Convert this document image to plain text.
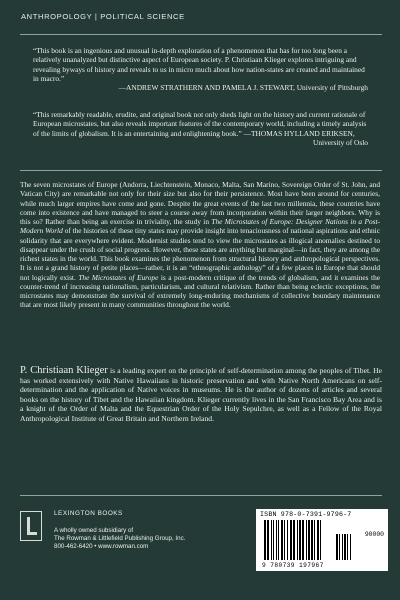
ANTHROPOLOGY | POLITICAL SCIENCE
“This book is an ingenious and unusual in-depth exploration of a phenomenon that has for too long been a relatively unanalyzed but distinctive aspect of European society. P. Christiaan Klieger explores intriguing and revealing byways of history and reveals to us in micro much about how nation-states are created and maintained in macro.”
—ANDREW STRATHERN AND PAMELA J. STEWART, University of Pittsburgh
“This remarkably readable, erudite, and original book not only sheds light on the history and current rationale of European microstates, but also reveals important features of the contemporary world, including a timely analysis of the limits of globalism. It is an entertaining and enlightening book.” —THOMAS HYLLAND ERIKSEN,
University of Oslo
The seven microstates of Europe (Andorra, Liechtenstein, Monaco, Malta, San Marino, Sovereign Order of St. John, and Vatican City) are remarkable not only for their size but also for their persistence. Most have been around for centuries, while much larger empires have come and gone. Despite the great events of the last two millennia, these countries have come into existence and have managed to steer a course away from incorporation within their larger neighbors. Why is this so? Rather than being an exercise in triviality, the study in The Microstates of Europe: Designer Nations in a Post-Modern World of the histories of these tiny states may provide insight into tenaciousness of national aspirations and ethnic solidarity that are everywhere evident. Modernist studies tend to view the microstates as illogical anomalies destined to disappear under the crush of social progress. However, these states are anything but marginal—in fact, they are among the richest states in the world. This book examines the phenomenon from structural history and anthropological perspectives. It is not a grand history of petite places—rather, it is an “ethnographic anthology” of a few places in Europe that should not logically exist. The Microstates of Europe is a post-modern critique of the trends of globalism, and it examines the counter-trend of increasing nationalism, particularism, and cultural relativism. Rather than being eclectic exceptions, the microstates may demonstrate the survival of extremely long-enduring mechanisms of collective boundary maintenance that are most likely present in many communities throughout the world.
P. Christiaan Klieger is a leading expert on the principle of self-determination among the peoples of Tibet. He has worked extensively with Native Hawaiians in historic preservation and with Native North Americans on self-determination and the application of Native voices in museums. He is the author of dozens of articles and several books on the history of Tibet and the Hawaiian kingdom. Klieger currently lives in the San Francisco Bay Area and is a knight of the Order of Malta and the Equestrian Order of the Holy Sepulchre, as well as a Fellow of the Royal Anthropological Institute of Great Britain and Northern Ireland.
LEXINGTON BOOKS
A wholly owned subsidiary of
The Rowman & Littlefield Publishing Group, Inc.
800-462-6420 • www.rowman.com
ISBN 978-0-7391-9796-7
90000
9 780739 197967
